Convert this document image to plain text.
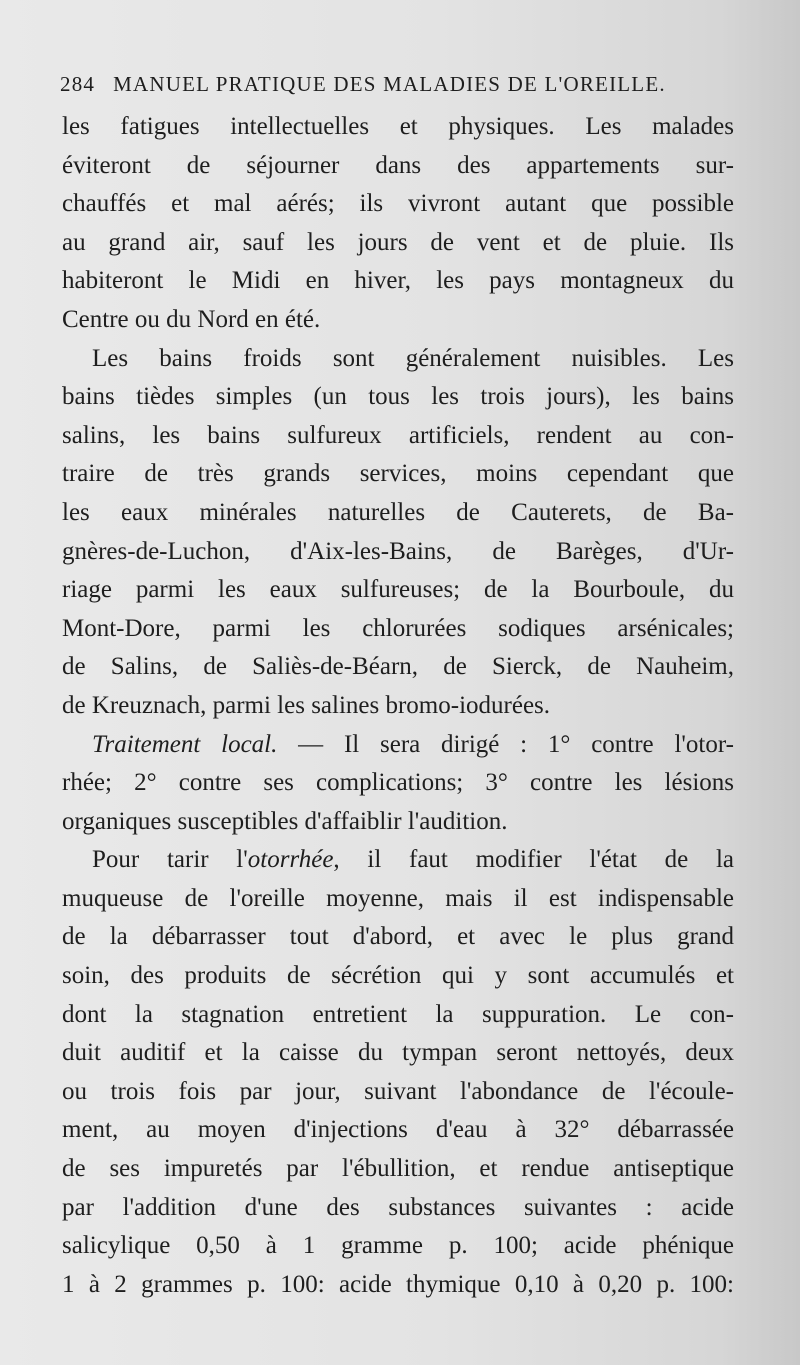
284 MANUEL PRATIQUE DES MALADIES DE L'OREILLE.
les fatigues intellectuelles et physiques. Les malades
éviteront de séjourner dans des appartements sur-
chauffés et mal aérés; ils vivront autant que possible
au grand air, sauf les jours de vent et de pluie. Ils
habiteront le Midi en hiver, les pays montagneux du
Centre ou du Nord en été.
Les bains froids sont généralement nuisibles. Les
bains tièdes simples (un tous les trois jours), les bains
salins, les bains sulfureux artificiels, rendent au con-
traire de très grands services, moins cependant que
les eaux minérales naturelles de Cauterets, de Ba-
gnères-de-Luchon, d'Aix-les-Bains, de Barèges, d'Ur-
riage parmi les eaux sulfureuses; de la Bourboule, du
Mont-Dore, parmi les chlorurées sodiques arsénicales;
de Salins, de Saliès-de-Béarn, de Sierck, de Nauheim,
de Kreuznach, parmi les salines bromo-iodurées.
Traitement local. — Il sera dirigé : 1° contre l'otor-
rhée; 2° contre ses complications; 3° contre les lésions
organiques susceptibles d'affaiblir l'audition.
Pour tarir l'otorrhée, il faut modifier l'état de la
muqueuse de l'oreille moyenne, mais il est indispensable
de la débarrasser tout d'abord, et avec le plus grand
soin, des produits de sécrétion qui y sont accumulés et
dont la stagnation entretient la suppuration. Le con-
duit auditif et la caisse du tympan seront nettoyés, deux
ou trois fois par jour, suivant l'abondance de l'écoule-
ment, au moyen d'injections d'eau à 32° débarrassée
de ses impuretés par l'ébullition, et rendue antiseptique
par l'addition d'une des substances suivantes : acide
salicylique 0,50 à 1 gramme p. 100; acide phénique
1 à 2 grammes p. 100: acide thymique 0,10 à 0,20 p. 100:
